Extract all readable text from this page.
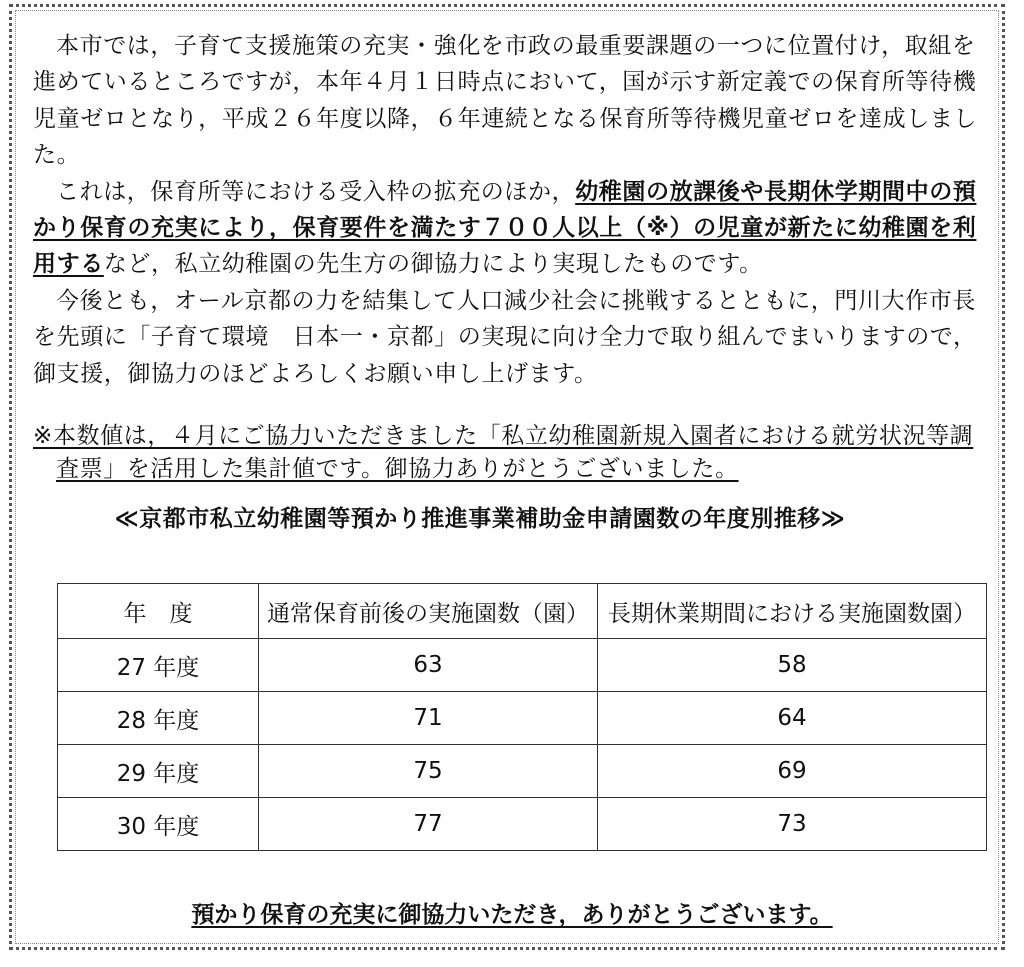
本市では，子育て支援施策の充実・強化を市政の最重要課題の一つに位置付け，取組を進めているところですが，本年４月１日時点において，国が示す新定義での保育所等待機児童ゼロとなり，平成２６年度以降，６年連続となる保育所等待機児童ゼロを達成しました。

これは，保育所等における受入枠の拡充のほか，幼稚園の放課後や長期休学期間中の預かり保育の充実により，保育要件を満たす７００人以上（※）の児童が新たに幼稚園を利用するなど，私立幼稚園の先生方の御協力により実現したものです。

今後とも，オール京都の力を結集して人口減少社会に挑戦するとともに，門川大作市長を先頭に「子育て環境　日本一・京都」の実現に向け全力で取り組んでまいりますので，御支援，御協力のほどよろしくお願い申し上げます。

※本数値は，４月にご協力いただきました「私立幼稚園新規入園者における就労状況等調査票」を活用した集計値です。御協力ありがとうございました。

≪京都市私立幼稚園等預かり推進事業補助金申請園数の年度別推移≫
年　度	通常保育前後の実施園数（園）	長期休業期間における実施園数園）
27 年度	63	58
28 年度	71	64
29 年度	75	69
30 年度	77	73
預かり保育の充実に御協力いただき，ありがとうございます。
